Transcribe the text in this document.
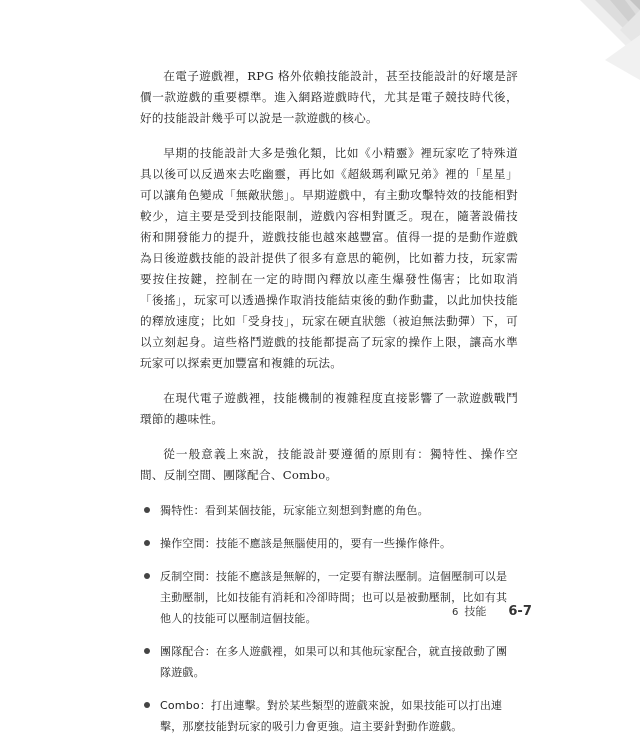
在電子遊戲裡，RPG 格外依賴技能設計，甚至技能設計的好壞是評價一款遊戲的重要標準。進入網路遊戲時代，尤其是電子競技時代後，好的技能設計幾乎可以說是一款遊戲的核心。

早期的技能設計大多是強化類，比如《小精靈》裡玩家吃了特殊道具以後可以反過來去吃幽靈，再比如《超級瑪利歐兄弟》裡的「星星」可以讓角色變成「無敵狀態」。早期遊戲中，有主動攻擊特效的技能相對較少，這主要是受到技能限制，遊戲內容相對匱乏。現在，隨著設備技術和開發能力的提升，遊戲技能也越來越豐富。值得一提的是動作遊戲為日後遊戲技能的設計提供了很多有意思的範例，比如蓄力技，玩家需要按住按鍵，控制在一定的時間內釋放以產生爆發性傷害；比如取消「後搖」，玩家可以透過操作取消技能結束後的動作動畫，以此加快技能的釋放速度；比如「受身技」，玩家在硬直狀態（被迫無法動彈）下，可以立刻起身。這些格鬥遊戲的技能都提高了玩家的操作上限，讓高水準玩家可以探索更加豐富和複雜的玩法。

在現代電子遊戲裡，技能機制的複雜程度直接影響了一款遊戲戰鬥環節的趣味性。

從一般意義上來說，技能設計要遵循的原則有：獨特性、操作空間、反制空間、團隊配合、Combo。

獨特性：看到某個技能，玩家能立刻想到對應的角色。
操作空間：技能不應該是無腦使用的，要有一些操作條件。
反制空間：技能不應該是無解的，一定要有辦法壓制。這個壓制可以是主動壓制，比如技能有消耗和冷卻時間；也可以是被動壓制，比如有其他人的技能可以壓制這個技能。
團隊配合：在多人遊戲裡，如果可以和其他玩家配合，就直接啟動了團隊遊戲。
Combo：打出連擊。對於某些類型的遊戲來說，如果技能可以打出連擊，那麼技能對玩家的吸引力會更強。這主要針對動作遊戲。
6 技能 6-7
